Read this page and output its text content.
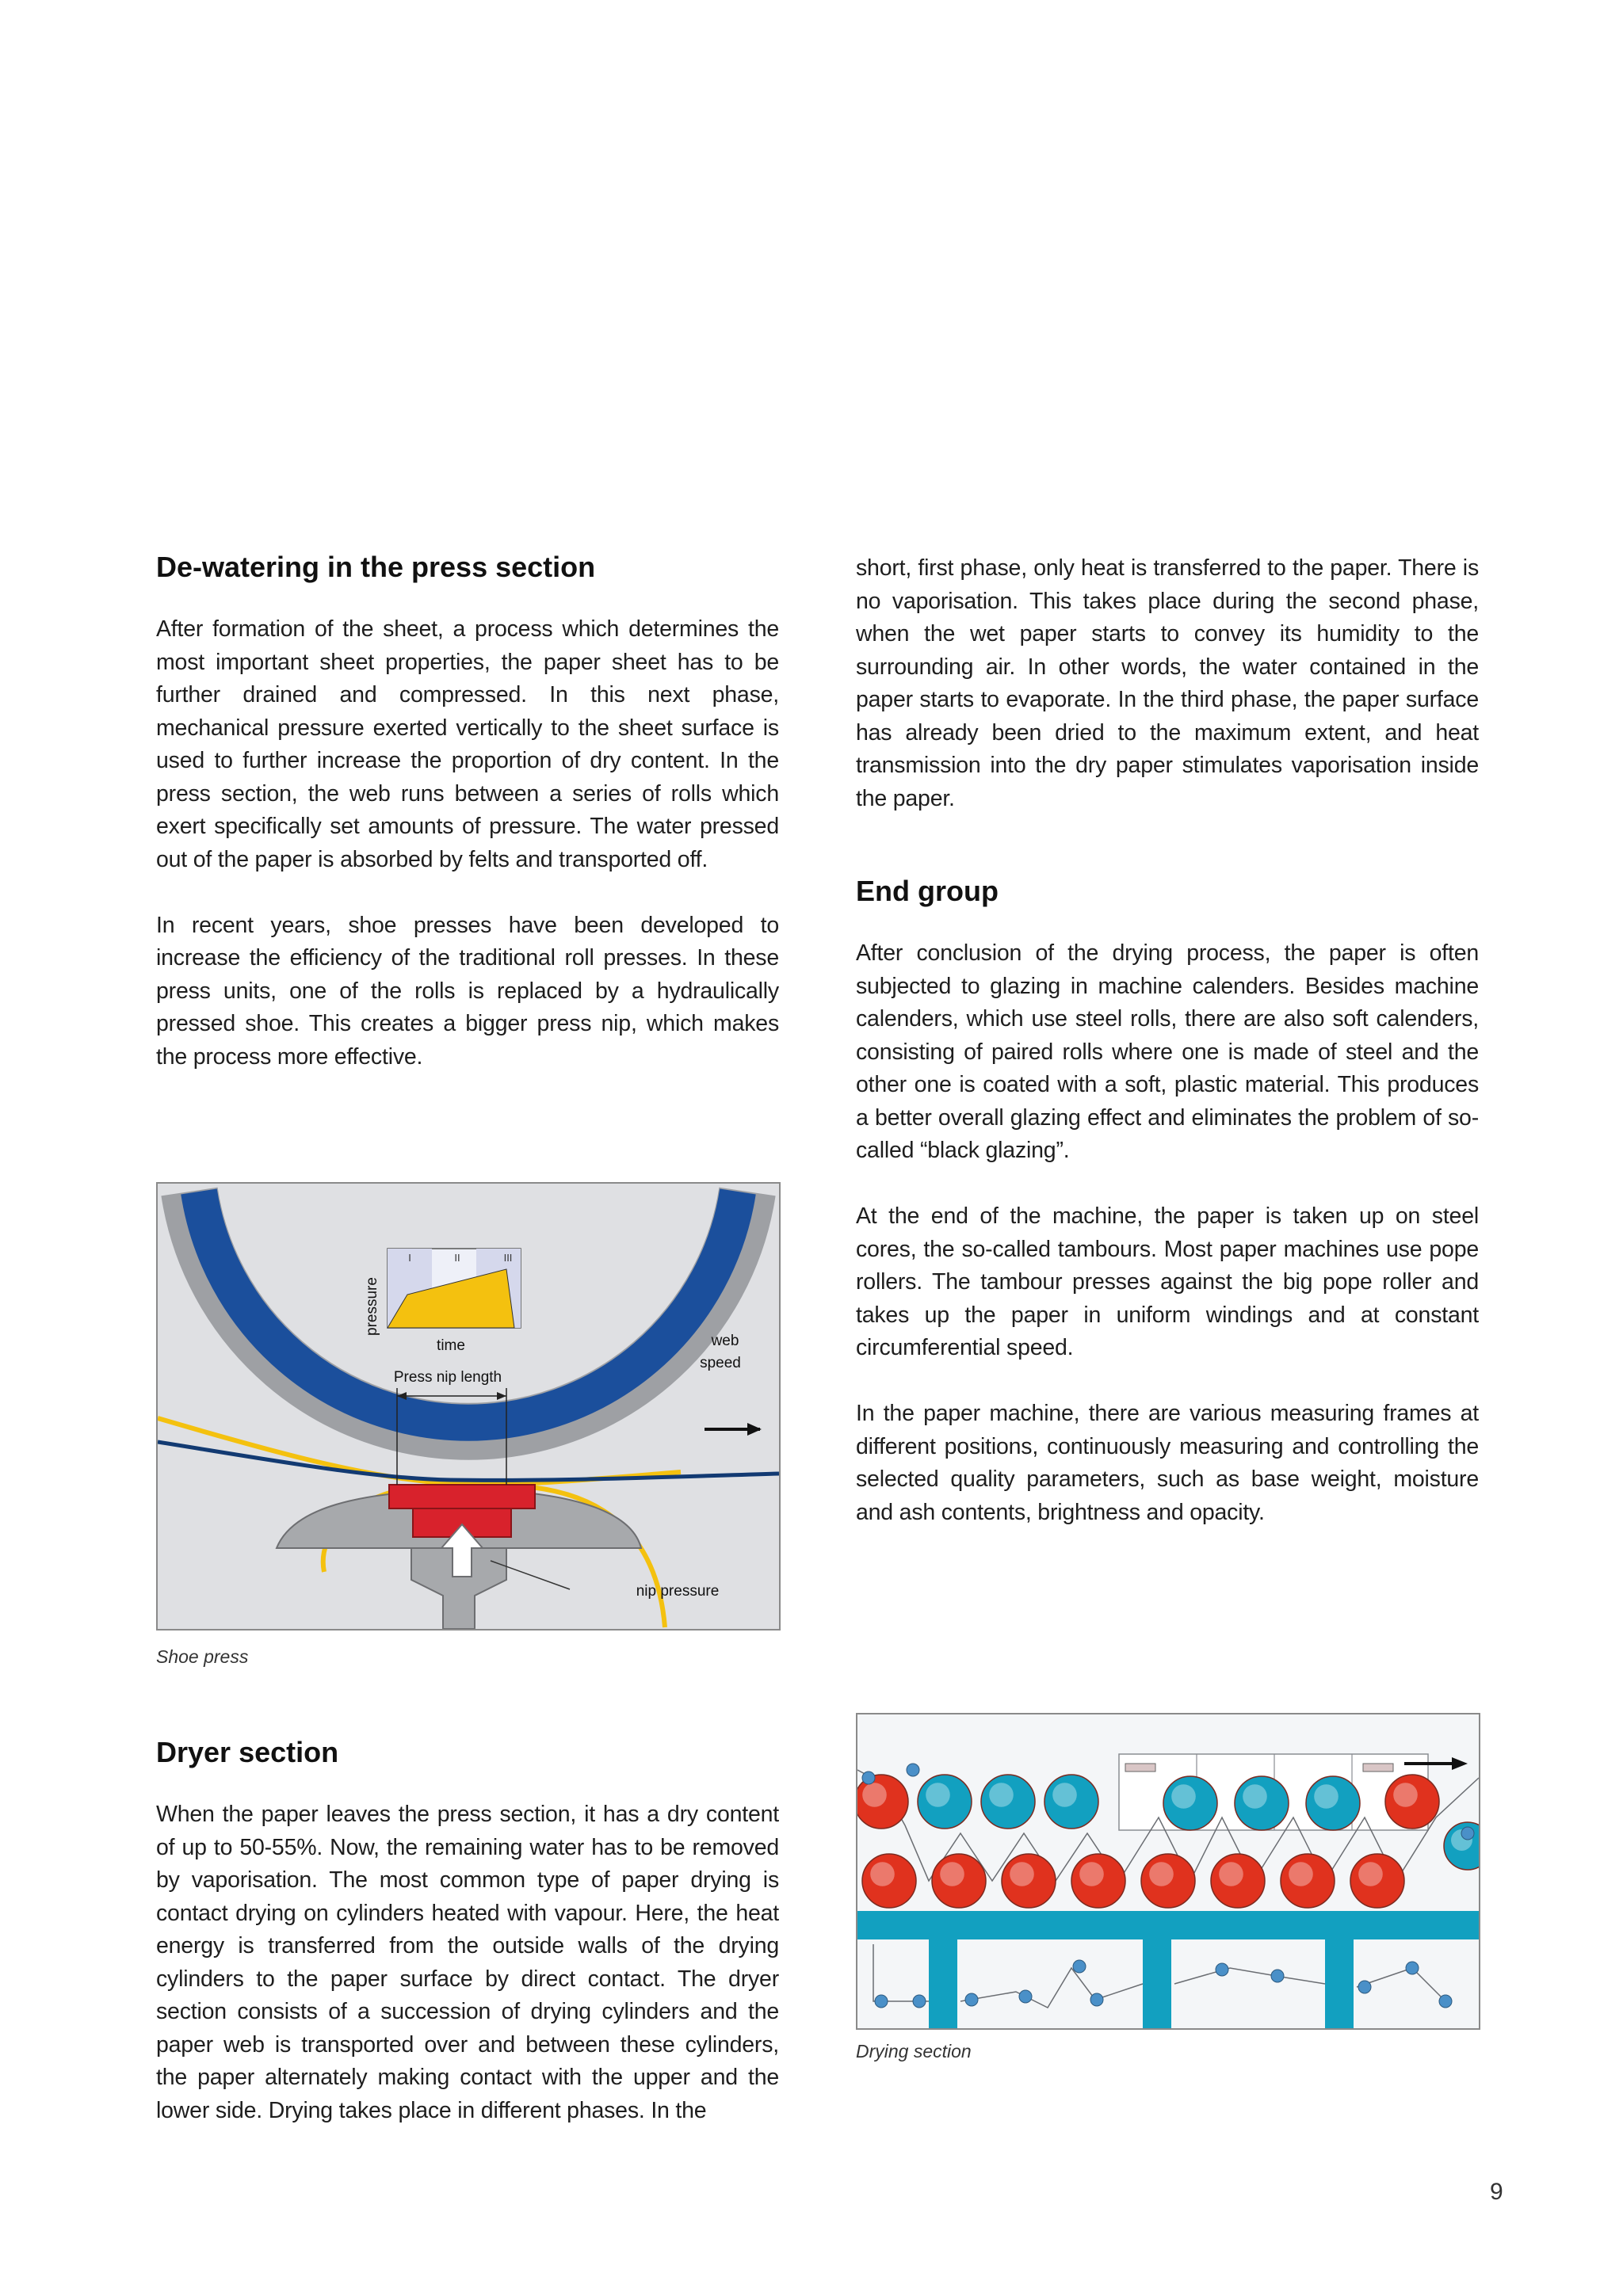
De-watering in the press section

After formation of the sheet, a process which determines the most important sheet properties, the paper sheet has to be further drained and compressed. In this next phase, mechanical pressure exerted vertically to the sheet surface is used to further increase the proportion of dry content. In the press section, the web runs between a series of rolls which exert specifically set amounts of pressure. The water pressed out of the paper is absorbed by felts and transported off.

In recent years, shoe presses have been developed to increase the efficiency of the traditional roll presses. In these press units, one of the rolls is replaced by a hydraulically pressed shoe. This creates a bigger press nip, which makes the process more effective.

I	II	III
pressure
time
Press nip length
web
speed
nip pressure
Shoe press
Dryer section

When the paper leaves the press section, it has a dry content of up to 50-55%. Now, the remaining water has to be removed by vaporisation. The most common type of paper drying is contact drying on cylinders heated with vapour. Here, the heat energy is transferred from the outside walls of the drying cylinders to the paper surface by direct contact. The dryer section consists of a succession of drying cylinders and the paper web is transported over and between these cylinders, the paper alternately making contact with the upper and the lower side. Drying takes place in different phases. In the

short, first phase, only heat is transferred to the paper. There is no vaporisation. This takes place during the second phase, when the wet paper starts to convey its humidity to the surrounding air. In other words, the water contained in the paper starts to evaporate. In the third phase, the paper surface has already been dried to the maximum extent, and heat transmission into the dry paper stimulates vaporisation inside the paper.

End group

After conclusion of the drying process, the paper is often subjected to glazing in machine calenders. Besides machine calenders, which use steel rolls, there are also soft calenders, consisting of paired rolls where one is made of steel and the other one is coated with a soft, plastic material. This produces a better overall glazing effect and eliminates the problem of so-called “black glazing”.

At the end of the machine, the paper is taken up on steel cores, the so-called tambours. Most paper machines use pope rollers. The tambour presses against the big pope roller and takes up the paper in uniform windings and at constant circumferential speed.

In the paper machine, there are various measuring frames at different positions, continuously measuring and controlling the selected quality parameters, such as base weight, moisture and ash contents, brightness and opacity.

Drying section
9
